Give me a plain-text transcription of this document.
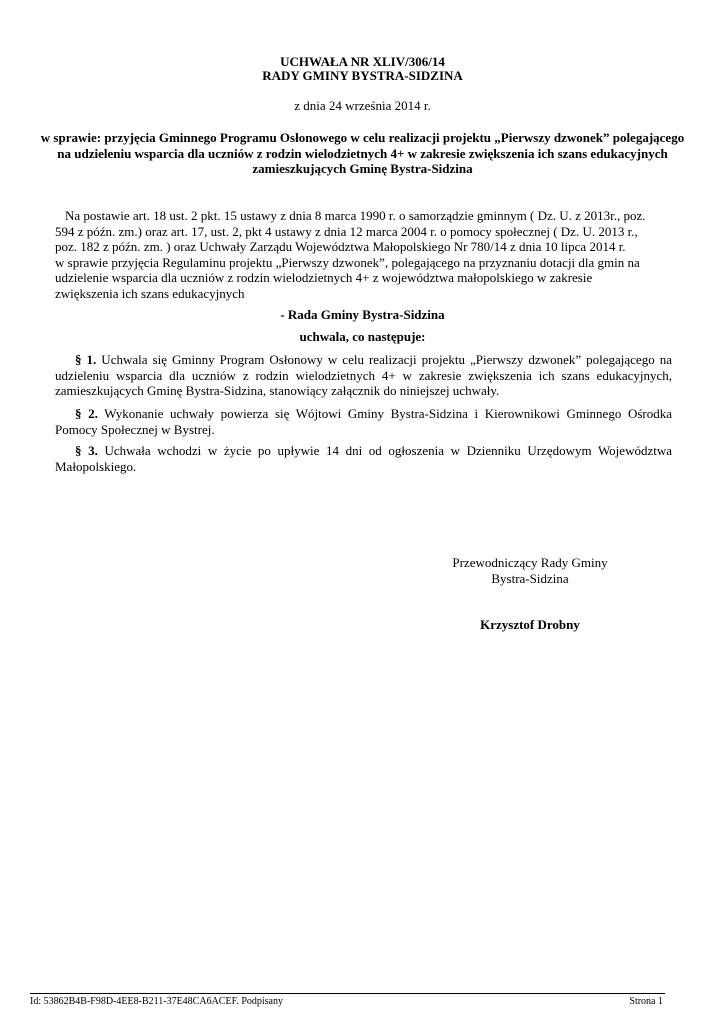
UCHWAŁA NR XLIV/306/14
RADY GMINY BYSTRA-SIDZINA
z dnia 24 września 2014 r.
w sprawie: przyjęcia Gminnego Programu Osłonowego w celu realizacji projektu „Pierwszy dzwonek” polegającego na udzieleniu wsparcia dla uczniów z rodzin wielodzietnych 4+ w zakresie zwiększenia ich szans edukacyjnych zamieszkujących Gminę Bystra-Sidzina
Na postawie art. 18 ust. 2 pkt. 15 ustawy z dnia 8 marca 1990 r. o samorządzie gminnym ( Dz. U. z 2013r., poz.
594 z późn. zm.) oraz art. 17, ust. 2, pkt 4 ustawy z dnia 12 marca 2004 r. o pomocy społecznej ( Dz. U. 2013 r.,
poz. 182 z późn. zm. ) oraz Uchwały Zarządu Województwa Małopolskiego Nr 780/14 z dnia 10 lipca 2014 r.
w sprawie przyjęcia Regulaminu projektu „Pierwszy dzwonek”, polegającego na przyznaniu dotacji dla gmin na
udzielenie wsparcia dla uczniów z rodzin wielodzietnych 4+ z województwa małopolskiego w zakresie
zwiększenia ich szans edukacyjnych
- Rada Gminy Bystra-Sidzina
uchwala, co następuje:
§ 1. Uchwala się Gminny Program Osłonowy w celu realizacji projektu „Pierwszy dzwonek” polegającego na udzieleniu wsparcia dla uczniów z rodzin wielodzietnych 4+ w zakresie zwiększenia ich szans edukacyjnych, zamieszkujących Gminę Bystra-Sidzina, stanowiący załącznik do niniejszej uchwały.
§ 2. Wykonanie uchwały powierza się Wójtowi Gminy Bystra-Sidzina i Kierownikowi Gminnego Ośrodka Pomocy Społecznej w Bystrej.
§ 3. Uchwała wchodzi w życie po upływie 14 dni od ogłoszenia w Dzienniku Urzędowym Województwa Małopolskiego.
Przewodniczący Rady Gminy
Bystra-Sidzina
Krzysztof Drobny
Id: 53862B4B-F98D-4EE8-B211-37E48CA6ACEF. Podpisany	Strona 1
